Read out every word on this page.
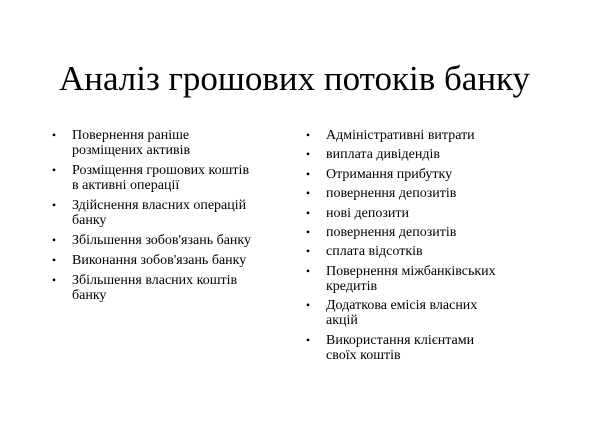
Аналіз грошових потоків банку
• Повернення раніше
розміщених активів
• Розміщення грошових коштів
в активні операції
• Здійснення власних операцій
банку
• Збільшення зобов'язань банку
• Виконання зобов'язань банку
• Збільшення власних коштів
банку
• Адміністративні витрати
• виплата дивідендів
• Отримання прибутку
• повернення депозитів
• нові депозити
• повернення депозитів
• сплата відсотків
• Повернення міжбанківських
кредитів
• Додаткова емісія власних
акцій
• Використання клієнтами
своїх коштів
